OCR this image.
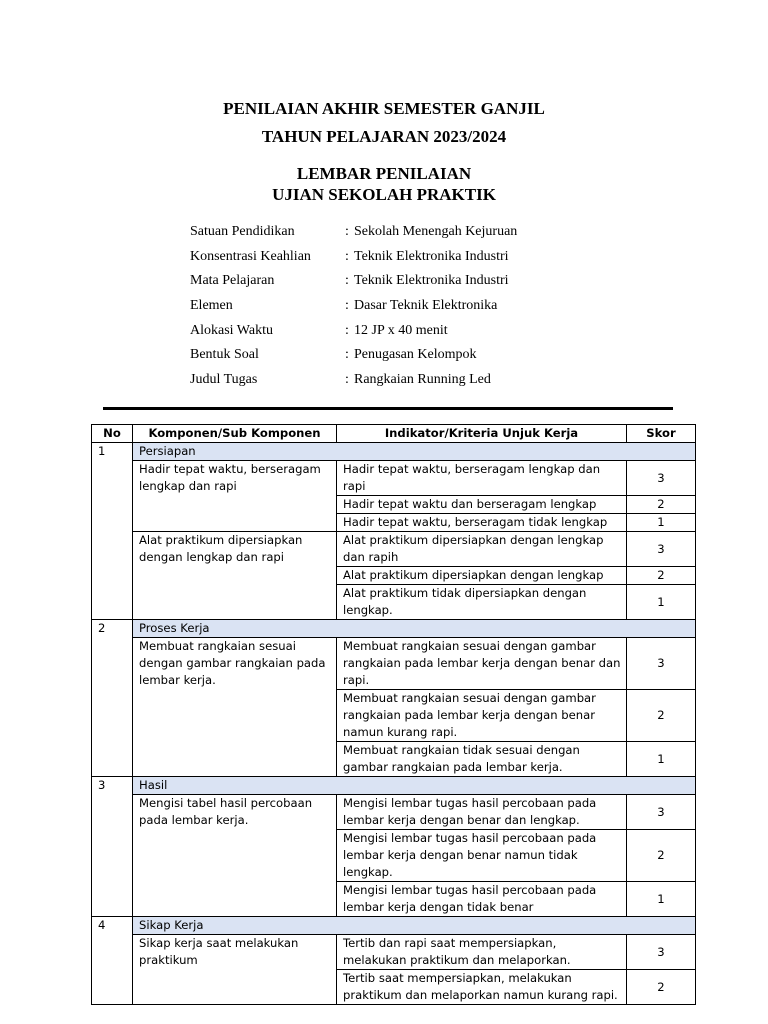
PENILAIAN AKHIR SEMESTER GANJIL
TAHUN PELAJARAN 2023/2024
LEMBAR PENILAIAN
UJIAN SEKOLAH PRAKTIK
Satuan Pendidikan	: Sekolah Menengah Kejuruan
Konsentrasi Keahlian	: Teknik Elektronika Industri
Mata Pelajaran	: Teknik Elektronika Industri
Elemen	: Dasar Teknik Elektronika
Alokasi Waktu	: 12 JP x 40 menit
Bentuk Soal	: Penugasan Kelompok
Judul Tugas	: Rangkaian Running Led
No	Komponen/Sub Komponen	Indikator/Kriteria Unjuk Kerja	Skor
1	Persiapan		
	Hadir tepat waktu, berseragam lengkap dan rapi	Hadir tepat waktu, berseragam lengkap dan rapi	3
		Hadir tepat waktu dan berseragam lengkap	2
		Hadir tepat waktu, berseragam tidak lengkap	1
	Alat praktikum dipersiapkan dengan lengkap dan rapi	Alat praktikum dipersiapkan dengan lengkap dan rapih	3
		Alat praktikum dipersiapkan dengan lengkap	2
		Alat praktikum tidak dipersiapkan dengan lengkap.	1
2	Proses Kerja		
	Membuat rangkaian sesuai dengan gambar rangkaian pada lembar kerja.	Membuat rangkaian sesuai dengan gambar rangkaian pada lembar kerja dengan benar dan rapi.	3
		Membuat rangkaian sesuai dengan gambar rangkaian pada lembar kerja dengan benar namun kurang rapi.	2
		Membuat rangkaian tidak sesuai dengan gambar rangkaian pada lembar kerja.	1
3	Hasil		
	Mengisi tabel hasil percobaan pada lembar kerja.	Mengisi lembar tugas hasil percobaan pada lembar kerja dengan benar dan lengkap.	3
		Mengisi lembar tugas hasil percobaan pada lembar kerja dengan benar namun tidak lengkap.	2
		Mengisi lembar tugas hasil percobaan pada lembar kerja dengan tidak benar	1
4	Sikap Kerja		
	Sikap kerja saat melakukan praktikum	Tertib dan rapi saat mempersiapkan, melakukan praktikum dan melaporkan.	3
		Tertib saat mempersiapkan, melakukan praktikum dan melaporkan namun kurang rapi.	2
